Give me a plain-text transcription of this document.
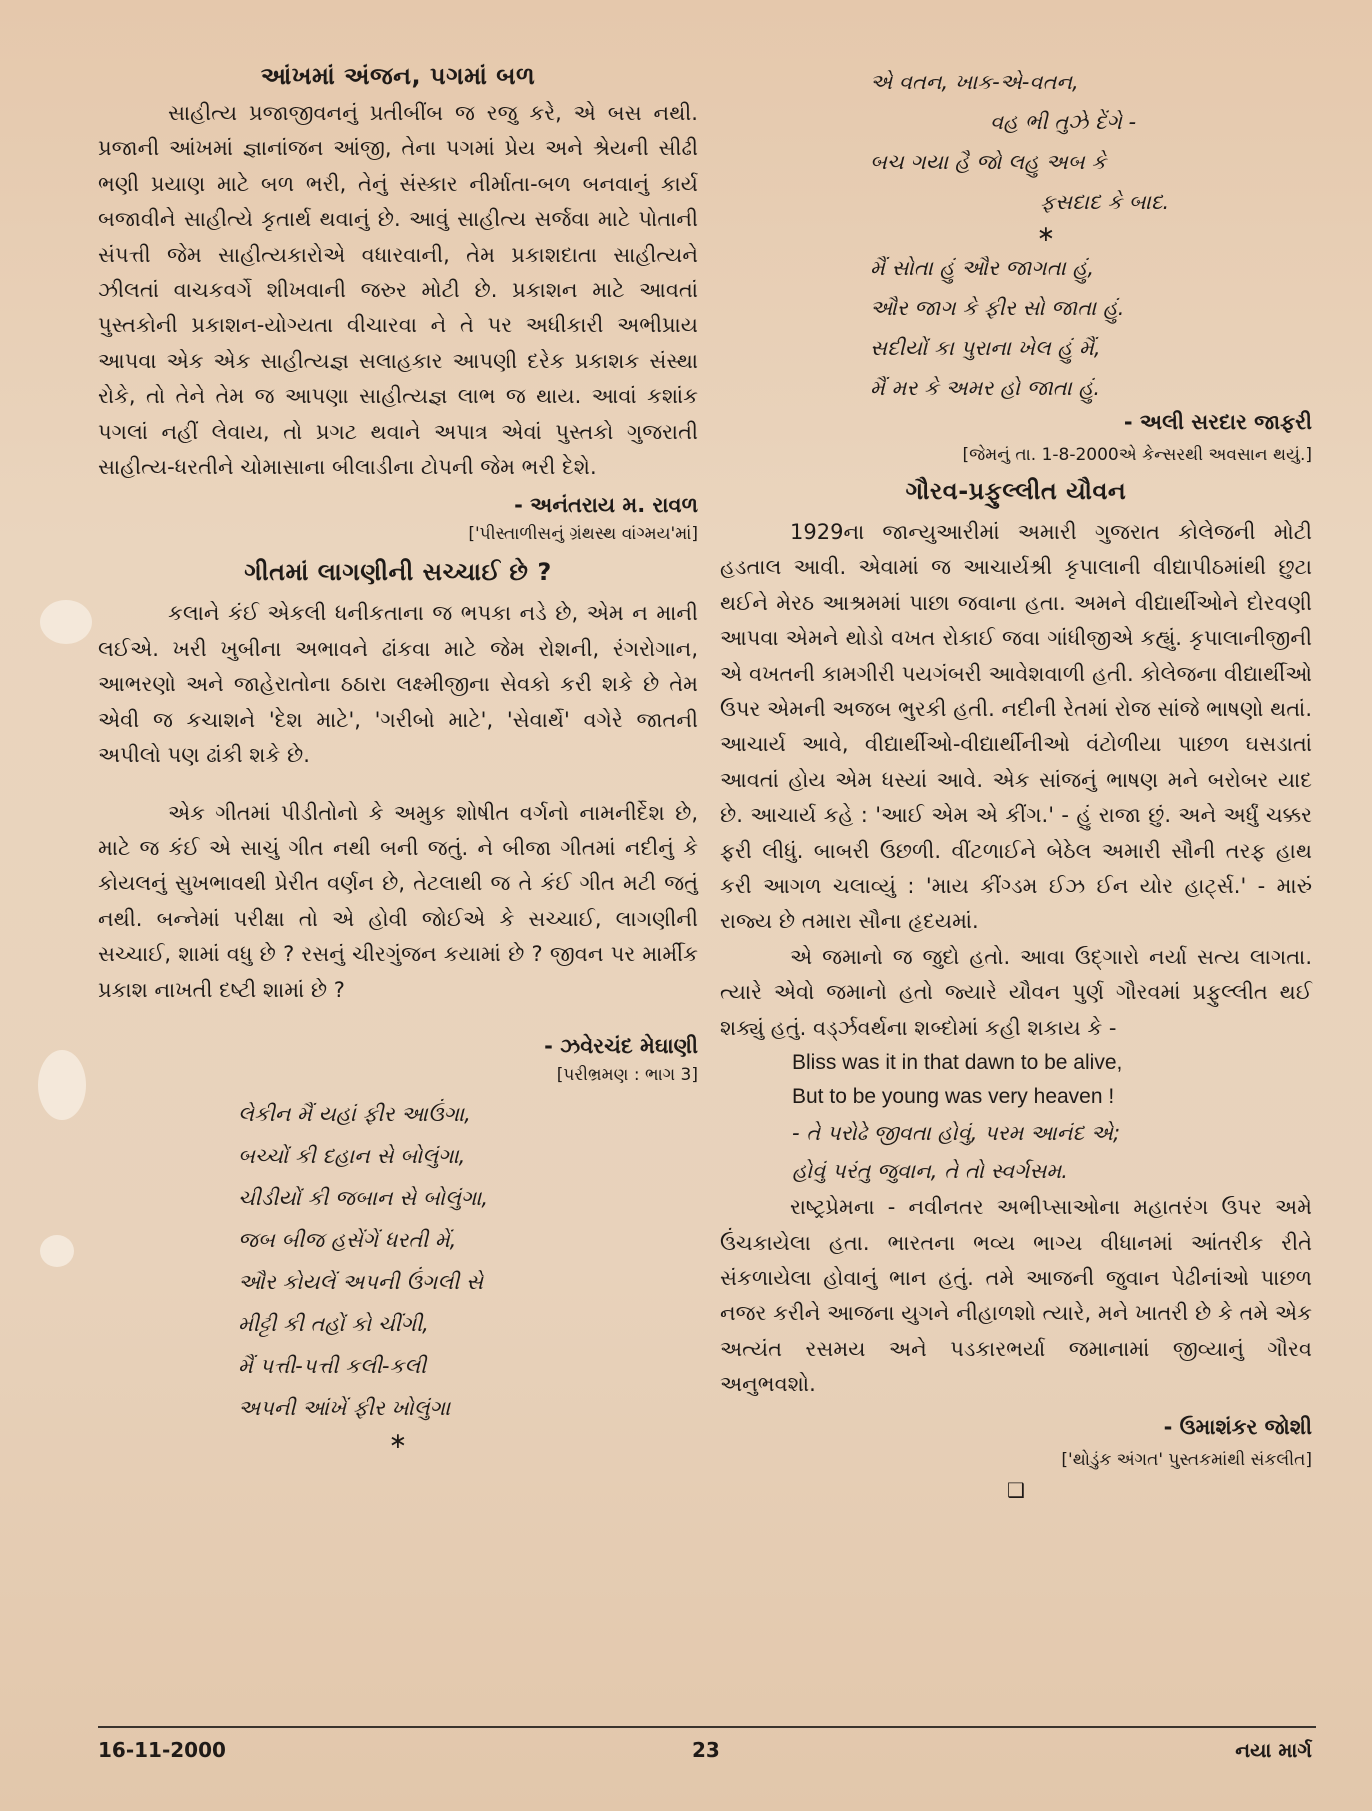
આંખમાં અંજન, પગમાં બળ

સાહીત્ય પ્રજાજીવનનું પ્રતીબીંબ જ રજુ કરે, એ બસ નથી. પ્રજાની આંખમાં જ્ઞાનાંજન આંજી, તેના પગમાં પ્રેય અને શ્રેયની સીઢી ભણી પ્રયાણ માટે બળ ભરી, તેનું સંસ્કાર નીર્માતા-બળ બનવાનું કાર્ય બજાવીને સાહીત્યે કૃતાર્થ થવાનું છે. આવું સાહીત્ય સર્જવા માટે પોતાની સંપત્તી જેમ સાહીત્યકારોએ વધારવાની, તેમ પ્રકાશદાતા સાહીત્યને ઝીલતાં વાચકવર્ગે શીખવાની જરુર મોટી છે. પ્રકાશન માટે આવતાં પુસ્તકોની પ્રકાશન-યોગ્યતા વીચારવા ને તે પર અધીકારી અભીપ્રાય આપવા એક એક સાહીત્યજ્ઞ સલાહકાર આપણી દરેક પ્રકાશક સંસ્થા રોકે, તો તેને તેમ જ આપણા સાહીત્યજ્ઞ લાભ જ થાય. આવાં કશાંક પગલાં નહીં લેવાય, તો પ્રગટ થવાને અપાત્ર એવાં પુસ્તકો ગુજરાતી સાહીત્ય-ધરતીને ચોમાસાના બીલાડીના ટોપની જેમ ભરી દેશે.

- અનંતરાય મ. રાવળ
['પીસ્તાળીસનું ગ્રંથસ્થ વાંગ્મય'માં]
ગીતમાં લાગણીની સચ્ચાઈ છે ?

કલાને કંઈ એકલી ધનીકતાના જ ભપકા નડે છે, એમ ન માની લઈએ. ખરી ખુબીના અભાવને ઢાંકવા માટે જેમ રોશની, રંગરોગાન, આભરણો અને જાહેરાતોના ઠઠારા લક્ષ્મીજીના સેવકો કરી શકે છે તેમ એવી જ કચાશને 'દેશ માટે', 'ગરીબો માટે', 'સેવાર્થે' વગેરે જાતની અપીલો પણ ઢાંકી શકે છે.

એક ગીતમાં પીડીતોનો કે અમુક શોષીત વર્ગનો નામનીર્દેશ છે, માટે જ કંઈ એ સાચું ગીત નથી બની જતું. ને બીજા ગીતમાં નદીનું કે કોયલનું સુખભાવથી પ્રેરીત વર્ણન છે, તેટલાથી જ તે કંઈ ગીત મટી જતું નથી. બન્નેમાં પરીક્ષા તો એ હોવી જોઈએ કે સચ્ચાઈ, લાગણીની સચ્ચાઈ, શામાં વધુ છે ? રસનું ચીરગુંજન કયામાં છે ? જીવન પર માર્મીક પ્રકાશ નાખતી દષ્ટી શામાં છે ?

- ઝવેરચંદ મેઘાણી
[પરીભ્રમણ : ભાગ 3]
લેકીન મૈં યહાં ફીર આઉંગા,
બચ્ચોં કી દહાન સે બોલુંગા,
ચીડીયોં કી જબાન સે બોલુંગા,
જબ બીજ હસેંગેં ધરતી મેં,
ઔર કોયલેં અપની ઉંગલી સે
મીટ્ટી કી તહોં કો ચીંગી,
મૈં પત્તી-પત્તી કલી-કલી
અપની આંખેં ફીર ખોલુંગા
∗
એ વતન, ખાક-એ-વતન,
વહ ભી તુઝે દેંગે -
બચ ગયા હૈ જો લહુ અબ કે
ફસદાદ કે બાદ.
∗
મૈં સોતા હું ઔર જાગતા હું,
ઔર જાગ કે ફીર સો જાતા હું.
સદીયોં કા પુરાના ખેલ હું મૈં,
મૈં મર કે અમર હો જાતા હું.
- અલી સરદાર જાફરી
[જેમનું તા. 1-8-2000એ કેન્સરથી અવસાન થયું.]
ગૌરવ-પ્રફુલ્લીત યૌવન

1929ના જાન્યુઆરીમાં અમારી ગુજરાત કોલેજની મોટી હડતાલ આવી. એવામાં જ આચાર્યશ્રી કૃપાલાની વીદ્યાપીઠમાંથી છુટા થઈને મેરઠ આશ્રમમાં પાછા જવાના હતા. અમને વીદ્યાર્થીઓને દોરવણી આપવા એમને થોડો વખત રોકાઈ જવા ગાંધીજીએ કહ્યું. કૃપાલાનીજીની એ વખતની કામગીરી પયગંબરી આવેશવાળી હતી. કોલેજના વીદ્યાર્થીઓ ઉપર એમની અજબ ભુરકી હતી. નદીની રેતમાં રોજ સાંજે ભાષણો થતાં. આચાર્ય આવે, વીદ્યાર્થીઓ-વીદ્યાર્થીનીઓ વંટોળીયા પાછળ ઘસડાતાં આવતાં હોય એમ ધસ્યાં આવે. એક સાંજનું ભાષણ મને બરોબર યાદ છે. આચાર્ય કહે : 'આઈ એમ એ કીંગ.' - હું રાજા છું. અને અર્ધું ચક્કર ફરી લીધું. બાબરી ઉછળી. વીંટળાઈને બેઠેલ અમારી સૌની તરફ હાથ કરી આગળ ચલાવ્યું : 'માય કીંગ્ડમ ઈઝ ઈન યોર હાર્ટ્સ.' - મારું રાજ્ય છે તમારા સૌના હૃદયમાં.

એ જમાનો જ જુદો હતો. આવા ઉદ્‌ગારો નર્યા સત્ય લાગતા. ત્યારે એવો જમાનો હતો જ્યારે યૌવન પુર્ણ ગૌરવમાં પ્રફુલ્લીત થઈ શક્યું હતું. વર્ડ્ઝવર્થના શબ્દોમાં કહી શકાય કે -

Bliss was it in that dawn to be alive,
But to be young was very heaven !
- તે પરોઢે જીવતા હોવું, પરમ આનંદ એ;
હોવું પરંતુ જુવાન, તે તો સ્વર્ગસમ.

રાષ્ટ્રપ્રેમના - નવીનતર અભીપ્સાઓના મહાતરંગ ઉપર અમે ઉંચકાયેલા હતા. ભારતના ભવ્ય ભાગ્ય વીધાનમાં આંતરીક રીતે સંકળાયેલા હોવાનું ભાન હતું. તમે આજની જુવાન પેઢીનાંઓ પાછળ નજર કરીને આજના યુગને નીહાળશો ત્યારે, મને ખાતરી છે કે તમે એક અત્યંત રસમય અને પડકારભર્યા જમાનામાં જીવ્યાનું ગૌરવ અનુભવશો.

- ઉમાશંકર જોશી
['થોડુંક અંગત' પુસ્તકમાંથી સંકલીત]
❑
16-11-2000	23	નયા માર્ગ
